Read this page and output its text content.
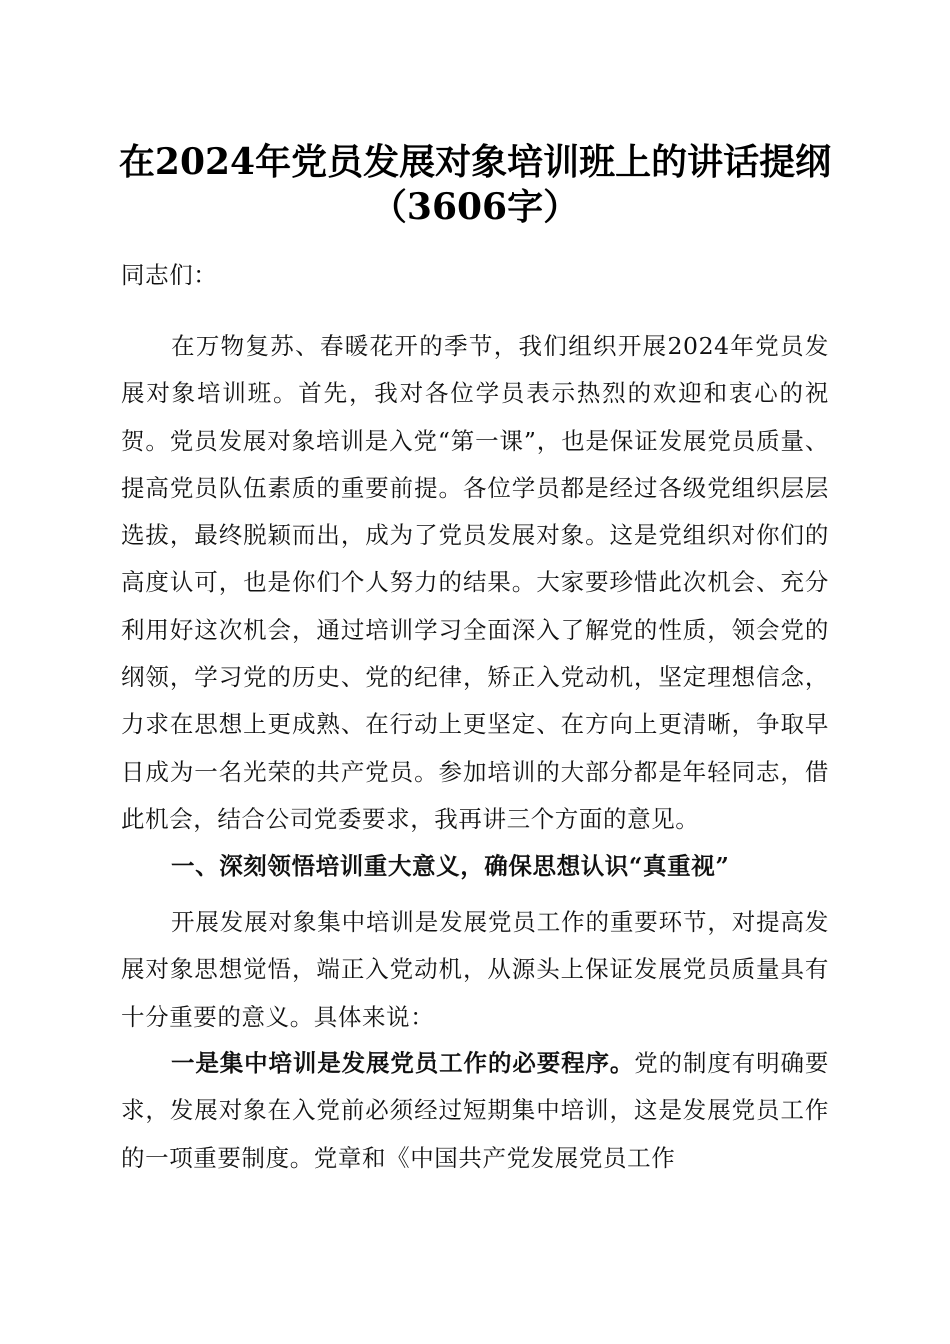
在2024年党员发展对象培训班上的讲话提纲
（3606字）
同志们：
在万物复苏、春暖花开的季节，我们组织开展2024年党员发展对象培训班。首先，我对各位学员表示热烈的欢迎和衷心的祝贺。党员发展对象培训是入党“第一课”，也是保证发展党员质量、提高党员队伍素质的重要前提。各位学员都是经过各级党组织层层选拔，最终脱颖而出，成为了党员发展对象。这是党组织对你们的高度认可，也是你们个人努力的结果。大家要珍惜此次机会、充分利用好这次机会，通过培训学习全面深入了解党的性质，领会党的纲领，学习党的历史、党的纪律，矫正入党动机，坚定理想信念，力求在思想上更成熟、在行动上更坚定、在方向上更清晰，争取早日成为一名光荣的共产党员。参加培训的大部分都是年轻同志，借此机会，结合公司党委要求，我再讲三个方面的意见。
一、深刻领悟培训重大意义，确保思想认识“真重视”
开展发展对象集中培训是发展党员工作的重要环节，对提高发展对象思想觉悟，端正入党动机，从源头上保证发展党员质量具有十分重要的意义。具体来说：
一是集中培训是发展党员工作的必要程序。党的制度有明确要求，发展对象在入党前必须经过短期集中培训，这是发展党员工作的一项重要制度。党章和《中国共产党发展党员工作
